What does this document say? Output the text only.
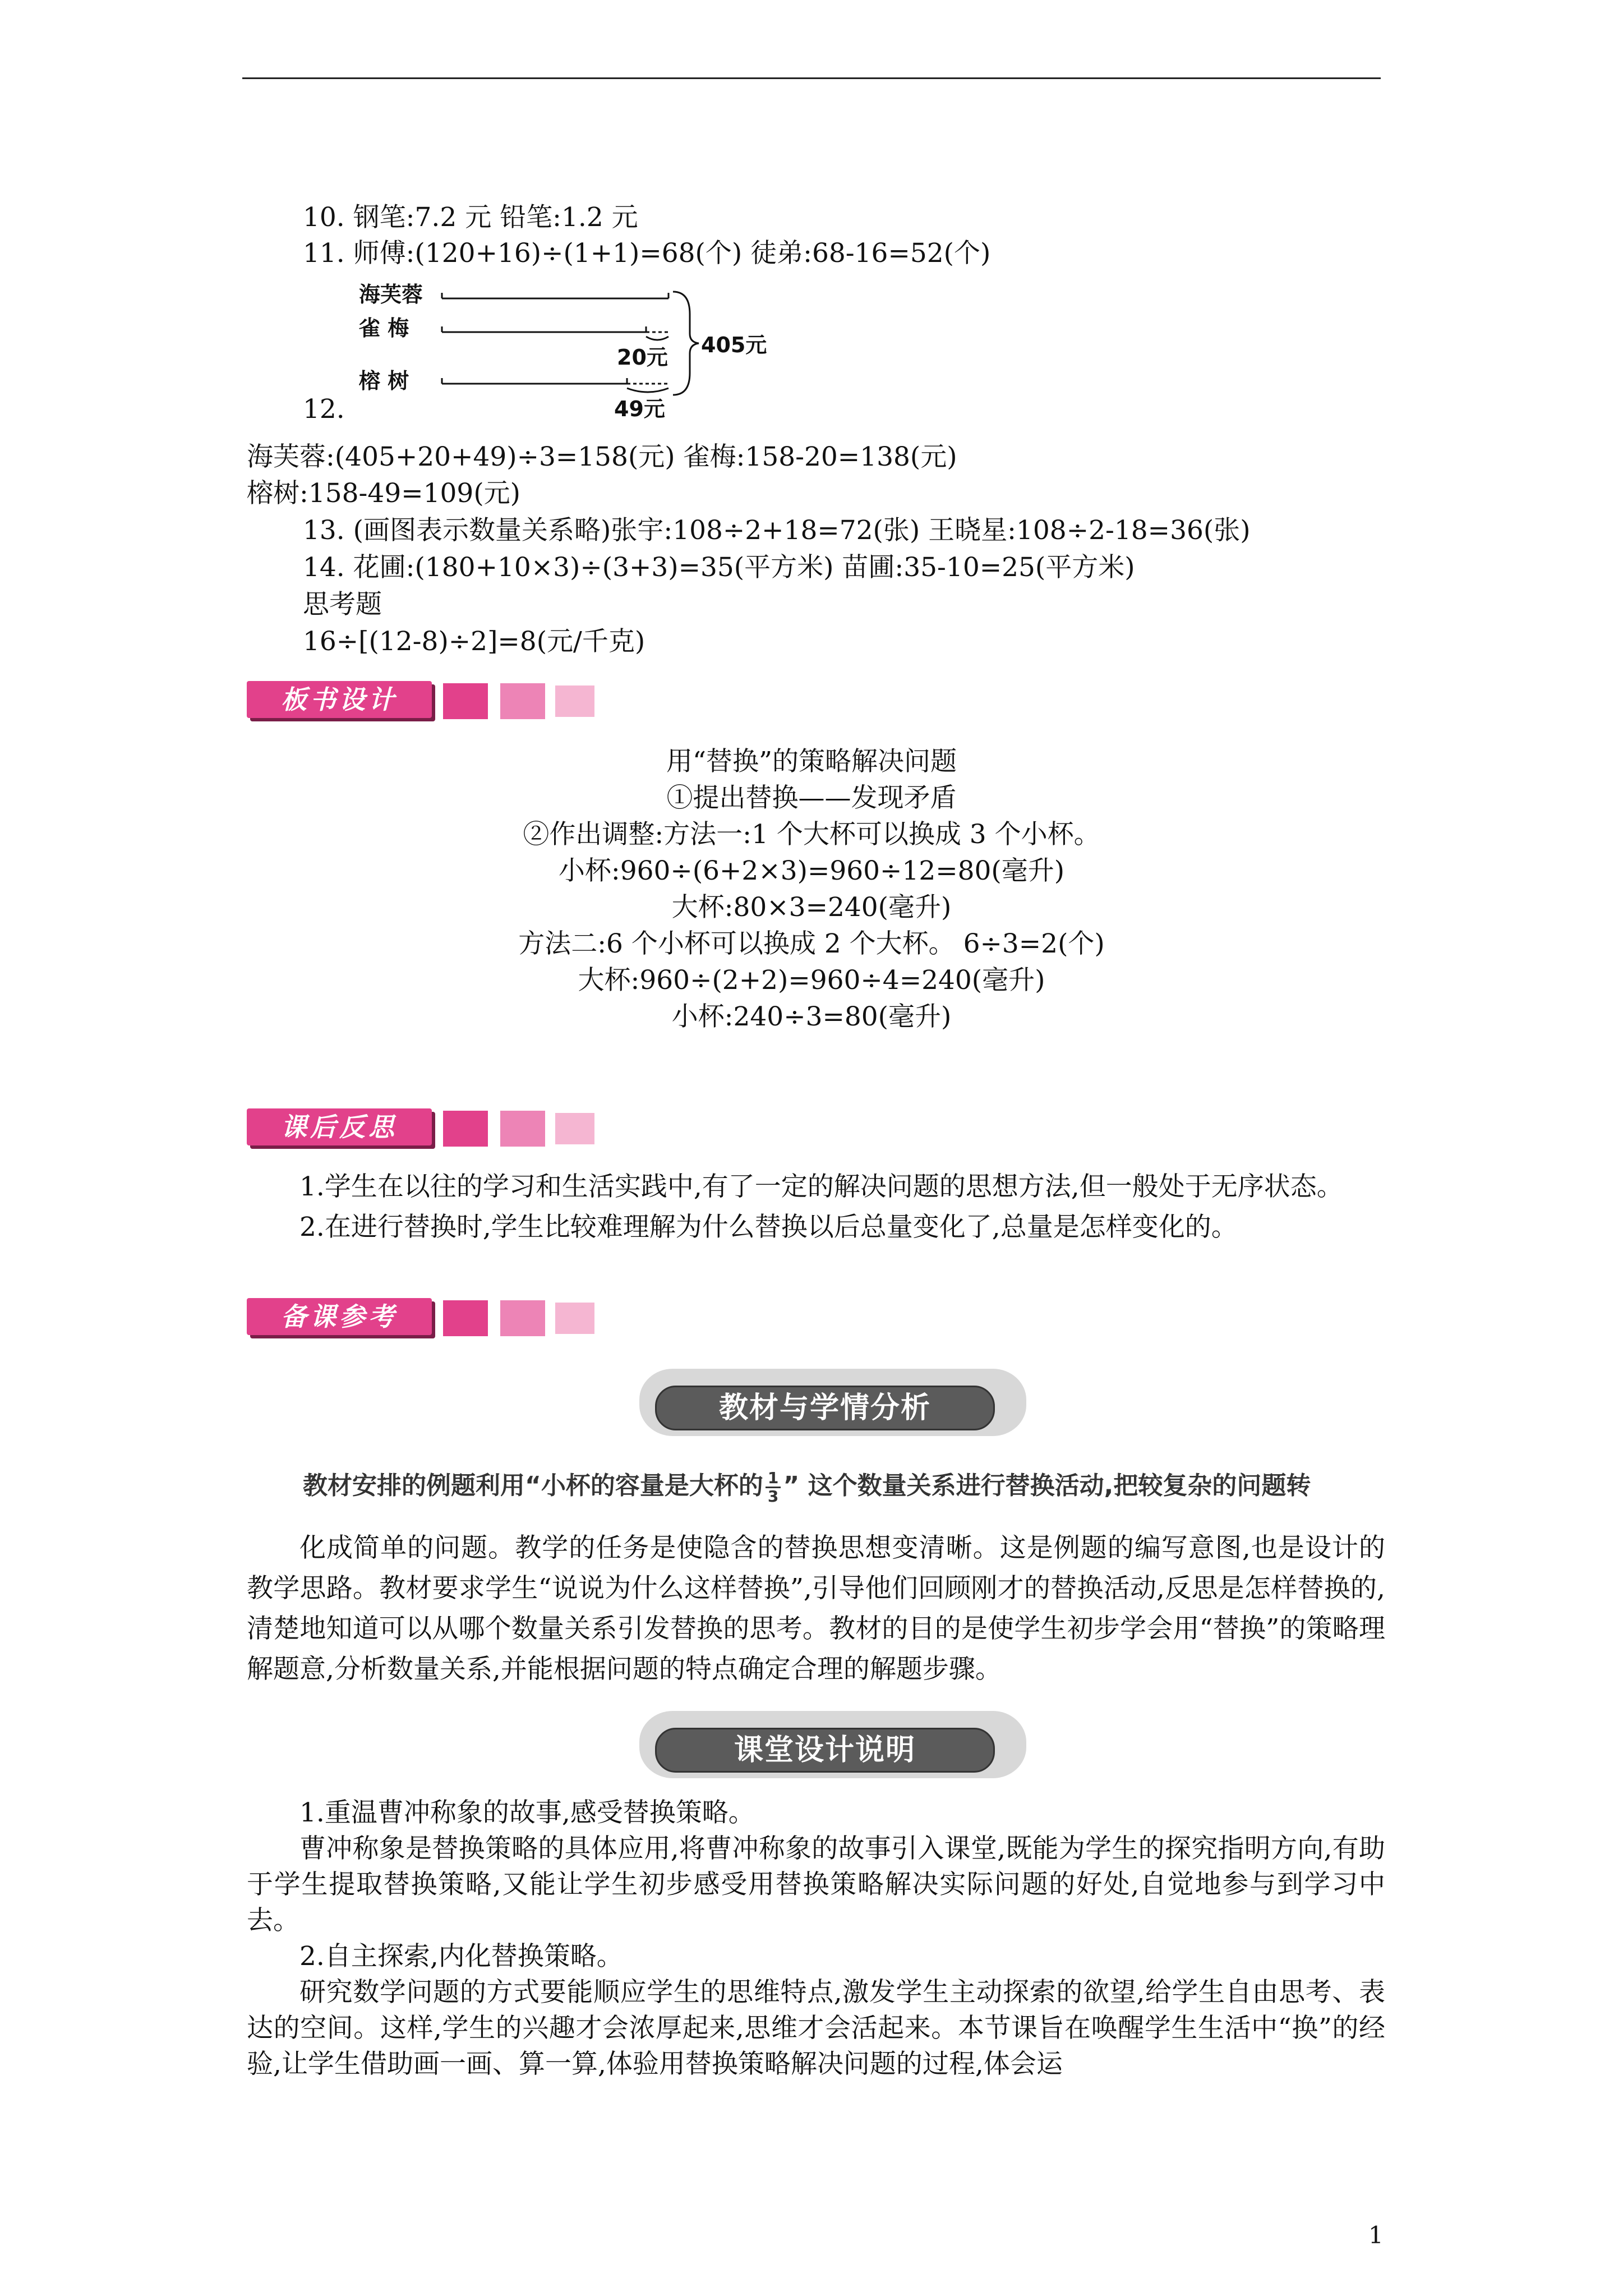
10. 钢笔:7.2 元 铅笔:1.2 元
11. 师傅:(120+16)÷(1+1)=68(个) 徒弟:68-16=52(个)
海芙蓉
雀 梅
榕 树
20元
49元
405元
12.
海芙蓉:(405+20+49)÷3=158(元) 雀梅:158-20=138(元)
榕树:158-49=109(元)
13. (画图表示数量关系略)张宇:108÷2+18=72(张) 王晓星:108÷2-18=36(张)
14. 花圃:(180+10×3)÷(3+3)=35(平方米) 苗圃:35-10=25(平方米)
思考题
16÷[(12-8)÷2]=8(元/千克)
板书设计
用“替换”的策略解决问题
①提出替换——发现矛盾
②作出调整:方法一:1 个大杯可以换成 3 个小杯。
小杯:960÷(6+2×3)=960÷12=80(毫升)
大杯:80×3=240(毫升)
方法二:6 个小杯可以换成 2 个大杯。 6÷3=2(个)
大杯:960÷(2+2)=960÷4=240(毫升)
小杯:240÷3=80(毫升)
课后反思

1.学生在以往的学习和生活实践中,有了一定的解决问题的思想方法,但一般处于无序状态。

2.在进行替换时,学生比较难理解为什么替换以后总量变化了,总量是怎样变化的。

备课参考
教材与学情分析
教材安排的例题利用“小杯的容量是大杯的 $\frac{1}{3}$ ” 这个数量关系进行替换活动,把较复杂的问题转

化成简单的问题。教学的任务是使隐含的替换思想变清晰。这是例题的编写意图,也是设计的教学思路。教材要求学生“说说为什么这样替换”,引导他们回顾刚才的替换活动,反思是怎样替换的,清楚地知道可以从哪个数量关系引发替换的思考。教材的目的是使学生初步学会用“替换”的策略理解题意,分析数量关系,并能根据问题的特点确定合理的解题步骤。

课堂设计说明

1.重温曹冲称象的故事,感受替换策略。

曹冲称象是替换策略的具体应用,将曹冲称象的故事引入课堂,既能为学生的探究指明方向,有助于学生提取替换策略,又能让学生初步感受用替换策略解决实际问题的好处,自觉地参与到学习中去。

2.自主探索,内化替换策略。

研究数学问题的方式要能顺应学生的思维特点,激发学生主动探索的欲望,给学生自由思考、表达的空间。这样,学生的兴趣才会浓厚起来,思维才会活起来。本节课旨在唤醒学生生活中“换”的经验,让学生借助画一画、算一算,体验用替换策略解决问题的过程,体会运

1
